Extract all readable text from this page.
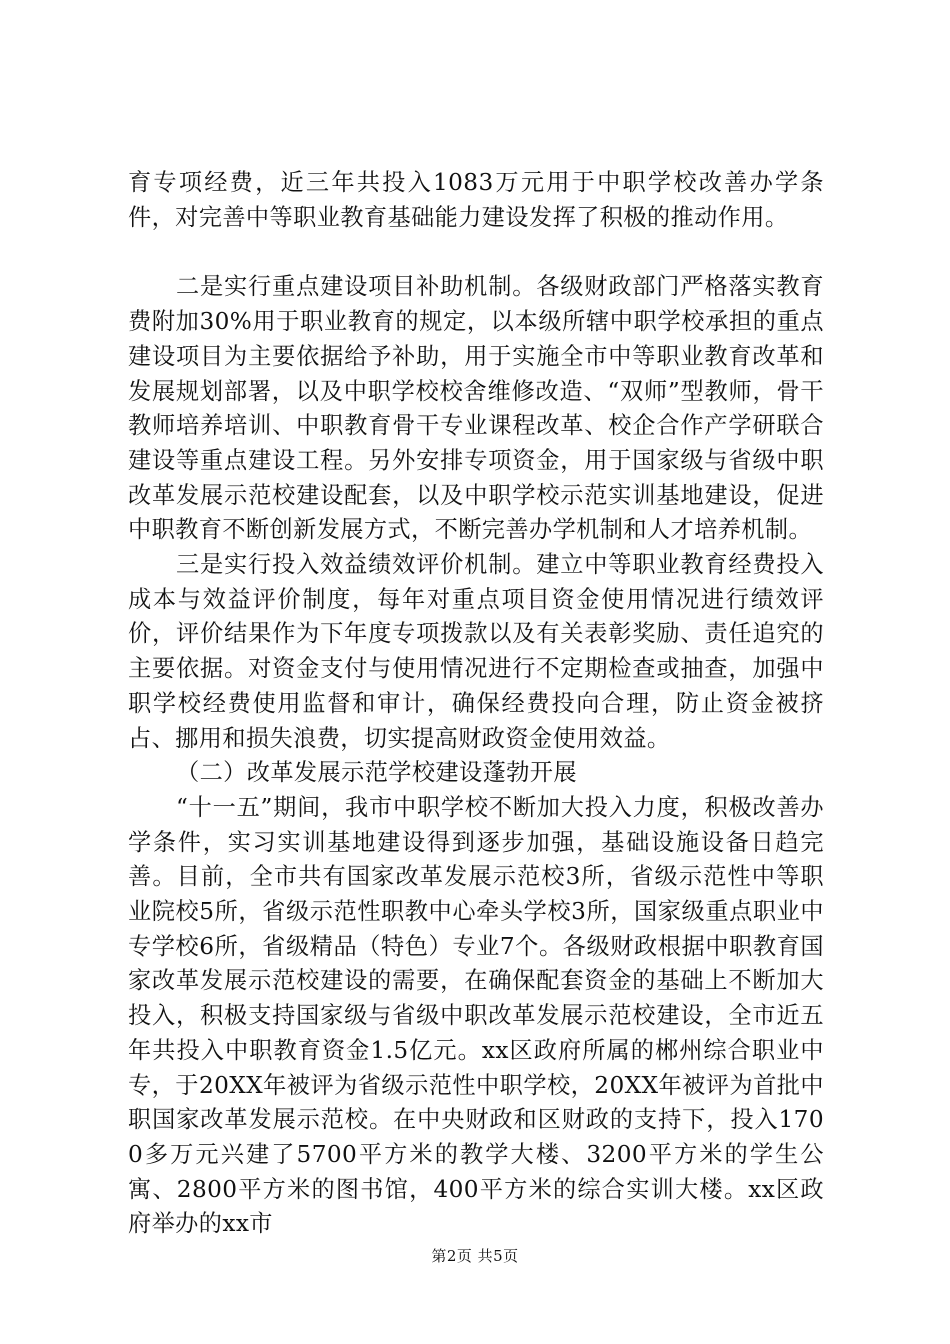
育专项经费，近三年共投入1083万元用于中职学校改善办学条件，对完善中等职业教育基础能力建设发挥了积极的推动作用。

二是实行重点建设项目补助机制。各级财政部门严格落实教育费附加30%用于职业教育的规定，以本级所辖中职学校承担的重点建设项目为主要依据给予补助，用于实施全市中等职业教育改革和发展规划部署，以及中职学校校舍维修改造、“双师”型教师，骨干教师培养培训、中职教育骨干专业课程改革、校企合作产学研联合建设等重点建设工程。另外安排专项资金，用于国家级与省级中职改革发展示范校建设配套，以及中职学校示范实训基地建设，促进中职教育不断创新发展方式，不断完善办学机制和人才培养机制。

三是实行投入效益绩效评价机制。建立中等职业教育经费投入成本与效益评价制度，每年对重点项目资金使用情况进行绩效评价，评价结果作为下年度专项拨款以及有关表彰奖励、责任追究的主要依据。对资金支付与使用情况进行不定期检查或抽查，加强中职学校经费使用监督和审计，确保经费投向合理，防止资金被挤占、挪用和损失浪费，切实提高财政资金使用效益。

（二）改革发展示范学校建设蓬勃开展

“十一五”期间，我市中职学校不断加大投入力度，积极改善办学条件，实习实训基地建设得到逐步加强，基础设施设备日趋完善。目前，全市共有国家改革发展示范校3所，省级示范性中等职业院校5所，省级示范性职教中心牵头学校3所，国家级重点职业中专学校6所，省级精品（特色）专业7个。各级财政根据中职教育国家改革发展示范校建设的需要，在确保配套资金的基础上不断加大投入，积极支持国家级与省级中职改革发展示范校建设，全市近五年共投入中职教育资金1.5亿元。xx区政府所属的郴州综合职业中专，于20XX年被评为省级示范性中职学校，20XX年被评为首批中职国家改革发展示范校。在中央财政和区财政的支持下，投入1700多万元兴建了5700平方米的教学大楼、3200平方米的学生公寓、2800平方米的图书馆，400平方米的综合实训大楼。xx区政府举办的xx市

第2页 共5页
